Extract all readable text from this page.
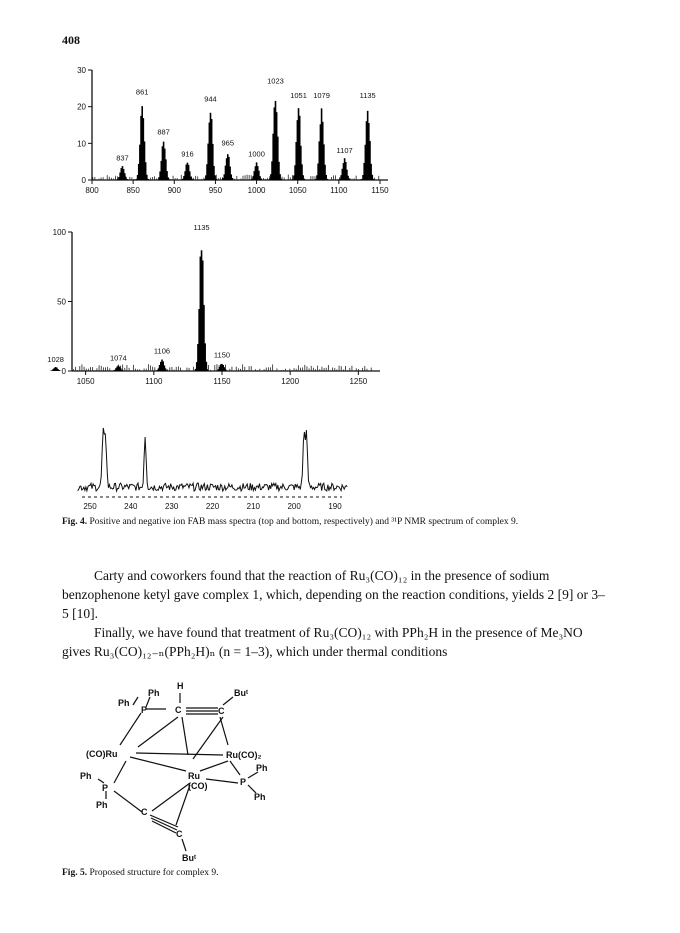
408
0
10
20
30
800	850	900	950	1000	1050	1100	1150
837
861
887
916
944
965
1000
1023
1051 1079
1107
1135
0
50
100
1050	1100	1150	1200	1250
1028	1074
1106
1135
1150
250	240	230	220	210	200	190
Fig. 4. Positive and negative ion FAB mass spectra (top and bottom, respectively) and ³¹P NMR spectrum of complex 9.
Carty and coworkers found that the reaction of Ru₃(CO)₁₂ in the presence of sodium benzophenone ketyl gave complex 1, which, depending on the reaction conditions, yields 2 [9] or 3–5 [10].
Finally, we have found that treatment of Ru₃(CO)₁₂ with PPh₂H in the presence of Me₃NO gives Ru₃(CO)₁₂₋ₙ(PPh₂H)ₙ (n = 1–3), which under thermal conditions
Ph
Ph
H
Buᵗ
P	C	C
(CO)Ru	Ru(CO)₂
Ph
P
Ph
Ph
P
Ph
Ru
(CO)
C
C
Buᵗ
Fig. 5. Proposed structure for complex 9.
